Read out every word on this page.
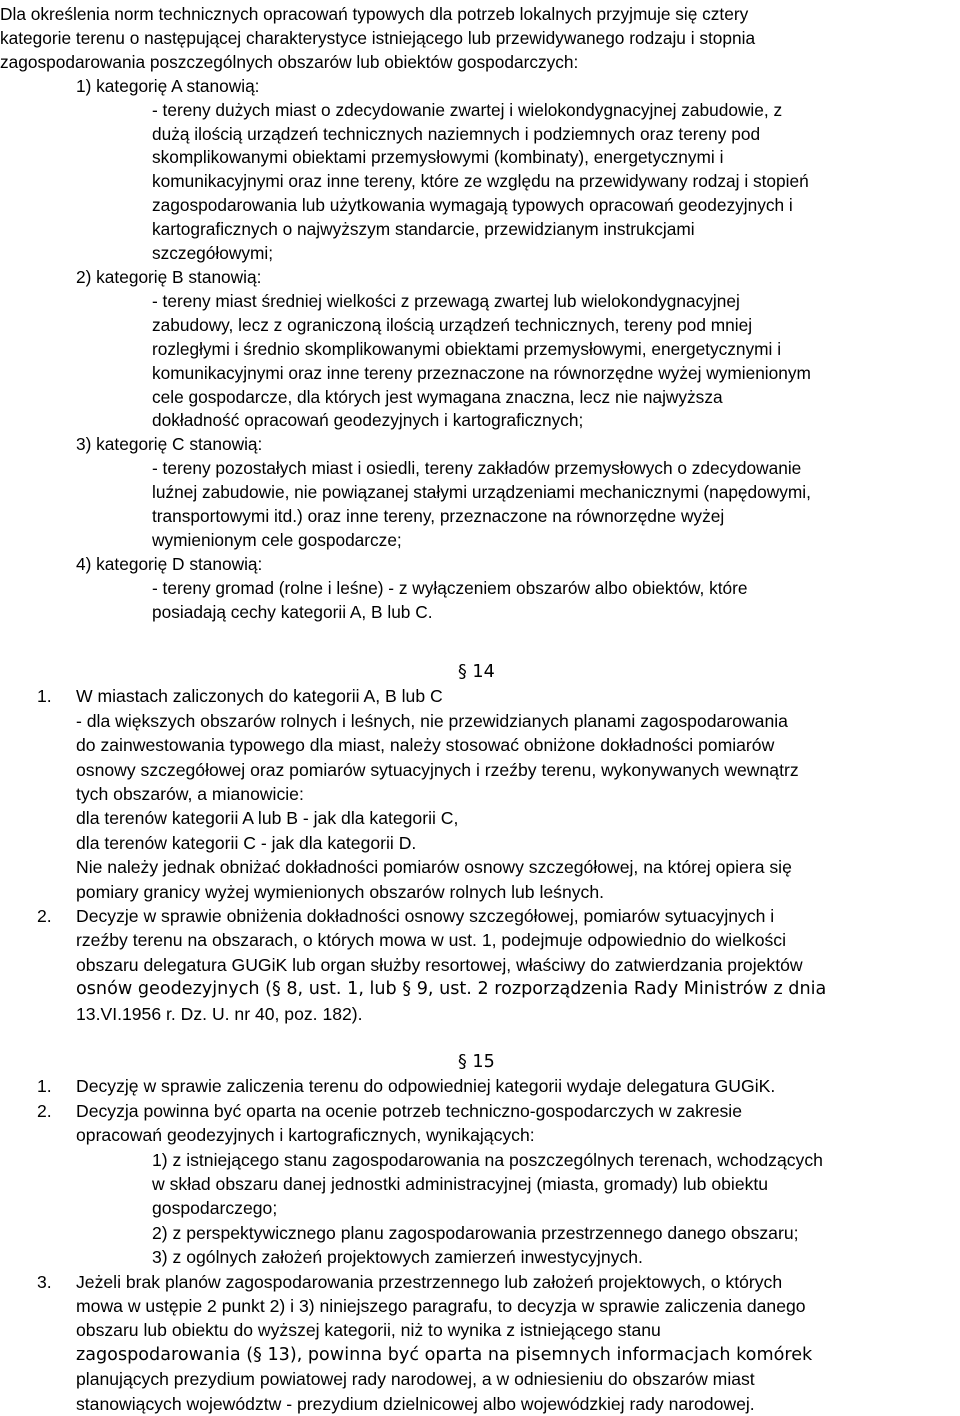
Dla określenia norm technicznych opracowań typowych dla potrzeb lokalnych przyjmuje się cztery
kategorie terenu o następującej charakterystyce istniejącego lub przewidywanego rodzaju i stopnia
zagospodarowania poszczególnych obszarów lub obiektów gospodarczych:
1) kategorię A stanowią:
- tereny dużych miast o zdecydowanie zwartej i wielokondygnacyjnej zabudowie, z
dużą ilością urządzeń technicznych naziemnych i podziemnych oraz tereny pod
skomplikowanymi obiektami przemysłowymi (kombinaty), energetycznymi i
komunikacyjnymi oraz inne tereny, które ze względu na przewidywany rodzaj i stopień
zagospodarowania lub użytkowania wymagają typowych opracowań geodezyjnych i
kartograficznych o najwyższym standarcie, przewidzianym instrukcjami
szczegółowymi;
2) kategorię B stanowią:
- tereny miast średniej wielkości z przewagą zwartej lub wielokondygnacyjnej
zabudowy, lecz z ograniczoną ilością urządzeń technicznych, tereny pod mniej
rozległymi i średnio skomplikowanymi obiektami przemysłowymi, energetycznymi i
komunikacyjnymi oraz inne tereny przeznaczone na równorzędne wyżej wymienionym
cele gospodarcze, dla których jest wymagana znaczna, lecz nie najwyższa
dokładność opracowań geodezyjnych i kartograficznych;
3) kategorię C stanowią:
- tereny pozostałych miast i osiedli, tereny zakładów przemysłowych o zdecydowanie
luźnej zabudowie, nie powiązanej stałymi urządzeniami mechanicznymi (napędowymi,
transportowymi itd.) oraz inne tereny, przeznaczone na równorzędne wyżej
wymienionym cele gospodarcze;
4) kategorię D stanowią:
- tereny gromad (rolne i leśne) - z wyłączeniem obszarów albo obiektów, które
posiadają cechy kategorii A, B lub C.
§ 14
1.	W miastach zaliczonych do kategorii A, B lub C
- dla większych obszarów rolnych i leśnych, nie przewidzianych planami zagospodarowania
do zainwestowania typowego dla miast, należy stosować obniżone dokładności pomiarów
osnowy szczegółowej oraz pomiarów sytuacyjnych i rzeźby terenu, wykonywanych wewnątrz
tych obszarów, a mianowicie:
dla terenów kategorii A lub B - jak dla kategorii C,
dla terenów kategorii C - jak dla kategorii D.
Nie należy jednak obniżać dokładności pomiarów osnowy szczegółowej, na której opiera się
pomiary granicy wyżej wymienionych obszarów rolnych lub leśnych.
2.	Decyzje w sprawie obniżenia dokładności osnowy szczegółowej, pomiarów sytuacyjnych i
rzeźby terenu na obszarach, o których mowa w ust. 1, podejmuje odpowiednio do wielkości
obszaru delegatura GUGiK lub organ służby resortowej, właściwy do zatwierdzania projektów
osnów geodezyjnych (§ 8, ust. 1, lub § 9, ust. 2 rozporządzenia Rady Ministrów z dnia
13.VI.1956 r. Dz. U. nr 40, poz. 182).
§ 15
1.	Decyzję w sprawie zaliczenia terenu do odpowiedniej kategorii wydaje delegatura GUGiK.
2.	Decyzja powinna być oparta na ocenie potrzeb techniczno-gospodarczych w zakresie
opracowań geodezyjnych i kartograficznych, wynikających:
1) z istniejącego stanu zagospodarowania na poszczególnych terenach, wchodzących
w skład obszaru danej jednostki administracyjnej (miasta, gromady) lub obiektu
gospodarczego;
2) z perspektywicznego planu zagospodarowania przestrzennego danego obszaru;
3) z ogólnych założeń projektowych zamierzeń inwestycyjnych.
3.	Jeżeli brak planów zagospodarowania przestrzennego lub założeń projektowych, o których
mowa w ustępie 2 punkt 2) i 3) niniejszego paragrafu, to decyzja w sprawie zaliczenia danego
obszaru lub obiektu do wyższej kategorii, niż to wynika z istniejącego stanu
zagospodarowania (§ 13), powinna być oparta na pisemnych informacjach komórek
planujących prezydium powiatowej rady narodowej, a w odniesieniu do obszarów miast
stanowiących województw - prezydium dzielnicowej albo wojewódzkiej rady narodowej.
